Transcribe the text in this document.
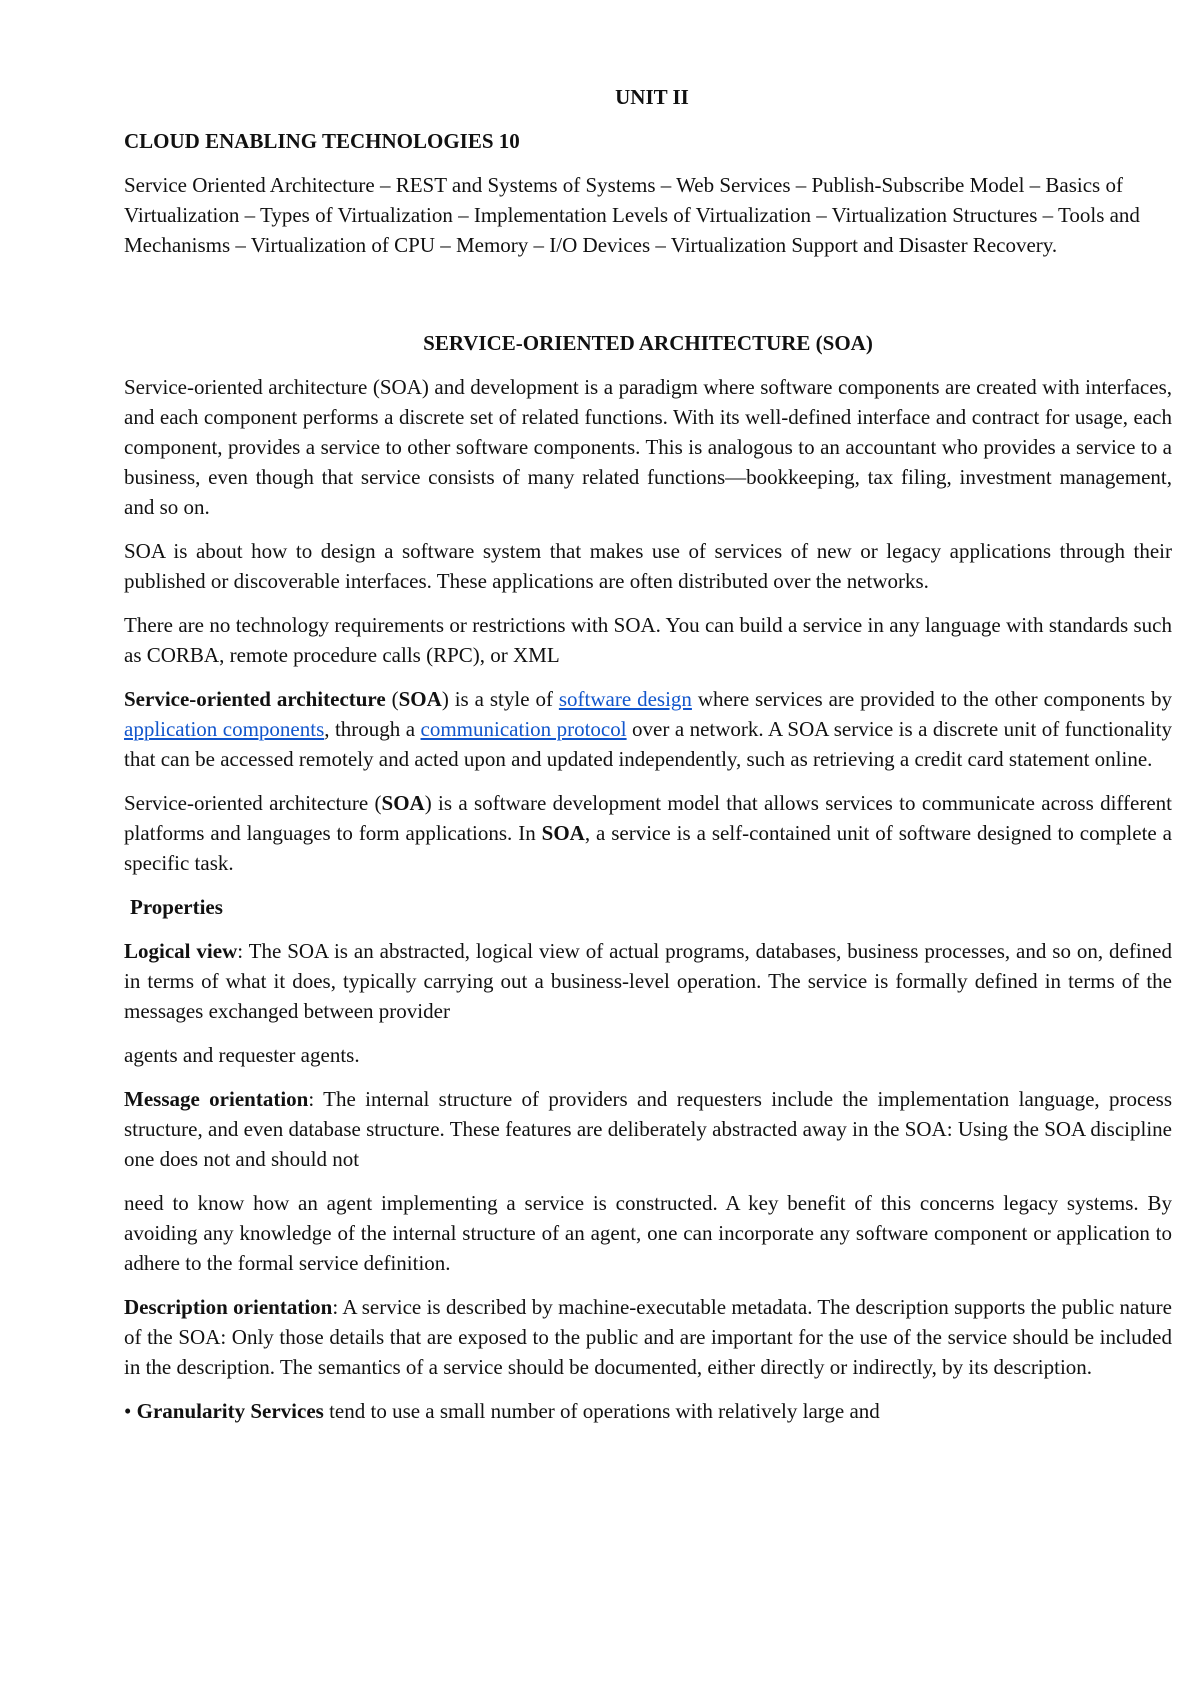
UNIT II

CLOUD ENABLING TECHNOLOGIES 10

Service Oriented Architecture – REST and Systems of Systems – Web Services – Publish-Subscribe Model – Basics of Virtualization – Types of Virtualization – Implementation Levels of Virtualization – Virtualization Structures – Tools and Mechanisms – Virtualization of CPU – Memory – I/O Devices – Virtualization Support and Disaster Recovery.

SERVICE-ORIENTED ARCHITECTURE (SOA)

Service-oriented architecture (SOA) and development is a paradigm where software components are created with interfaces, and each component performs a discrete set of related functions. With its well-defined interface and contract for usage, each component, provides a service to other software components. This is analogous to an accountant who provides a service to a business, even though that service consists of many related functions—bookkeeping, tax filing, investment management, and so on.

SOA is about how to design a software system that makes use of services of new or legacy applications through their published or discoverable interfaces. These applications are often distributed over the networks.

There are no technology requirements or restrictions with SOA. You can build a service in any language with standards such as CORBA, remote procedure calls (RPC), or XML

Service-oriented architecture (SOA) is a style of software design where services are provided to the other components by application components, through a communication protocol over a network. A SOA service is a discrete unit of functionality that can be accessed remotely and acted upon and updated independently, such as retrieving a credit card statement online.

Service-oriented architecture (SOA) is a software development model that allows services to communicate across different platforms and languages to form applications. In SOA, a service is a self-contained unit of software designed to complete a specific task.

Properties

Logical view: The SOA is an abstracted, logical view of actual programs, databases, business processes, and so on, defined in terms of what it does, typically carrying out a business-level operation. The service is formally defined in terms of the messages exchanged between provider

agents and requester agents.

Message orientation: The internal structure of providers and requesters include the implementation language, process structure, and even database structure. These features are deliberately abstracted away in the SOA: Using the SOA discipline one does not and should not

need to know how an agent implementing a service is constructed. A key benefit of this concerns legacy systems. By avoiding any knowledge of the internal structure of an agent, one can incorporate any software component or application to adhere to the formal service definition.

Description orientation: A service is described by machine-executable metadata. The description supports the public nature of the SOA: Only those details that are exposed to the public and are important for the use of the service should be included in the description. The semantics of a service should be documented, either directly or indirectly, by its description.

• Granularity Services tend to use a small number of operations with relatively large and
